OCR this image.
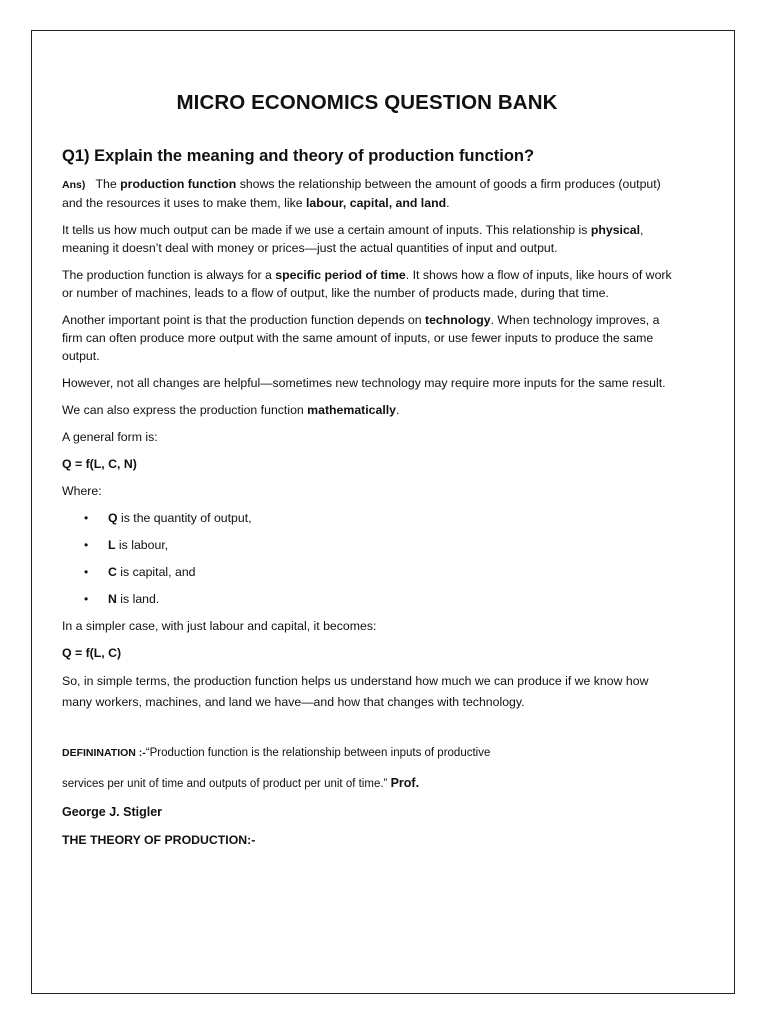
MICRO ECONOMICS QUESTION BANK
Q1) Explain the meaning and theory of production function?

Ans) The production function shows the relationship between the amount of goods a firm produces (output) and the resources it uses to make them, like labour, capital, and land.

It tells us how much output can be made if we use a certain amount of inputs. This relationship is physical, meaning it doesn’t deal with money or prices—just the actual quantities of input and output.

The production function is always for a specific period of time. It shows how a flow of inputs, like hours of work or number of machines, leads to a flow of output, like the number of products made, during that time.

Another important point is that the production function depends on technology. When technology improves, a firm can often produce more output with the same amount of inputs, or use fewer inputs to produce the same output.

However, not all changes are helpful—sometimes new technology may require more inputs for the same result.

We can also express the production function mathematically.

A general form is:

Q = f(L, C, N)

Where:

• Q is the quantity of output,
• L is labour,
• C is capital, and
• N is land.

In a simpler case, with just labour and capital, it becomes:

Q = f(L, C)

So, in simple terms, the production function helps us understand how much we can produce if we know how many workers, machines, and land we have—and how that changes with technology.

DEFININATION :-“Production function is the relationship between inputs of productive

services per unit of time and outputs of product per unit of time.” Prof.

George J. Stigler

THE THEORY OF PRODUCTION:-
